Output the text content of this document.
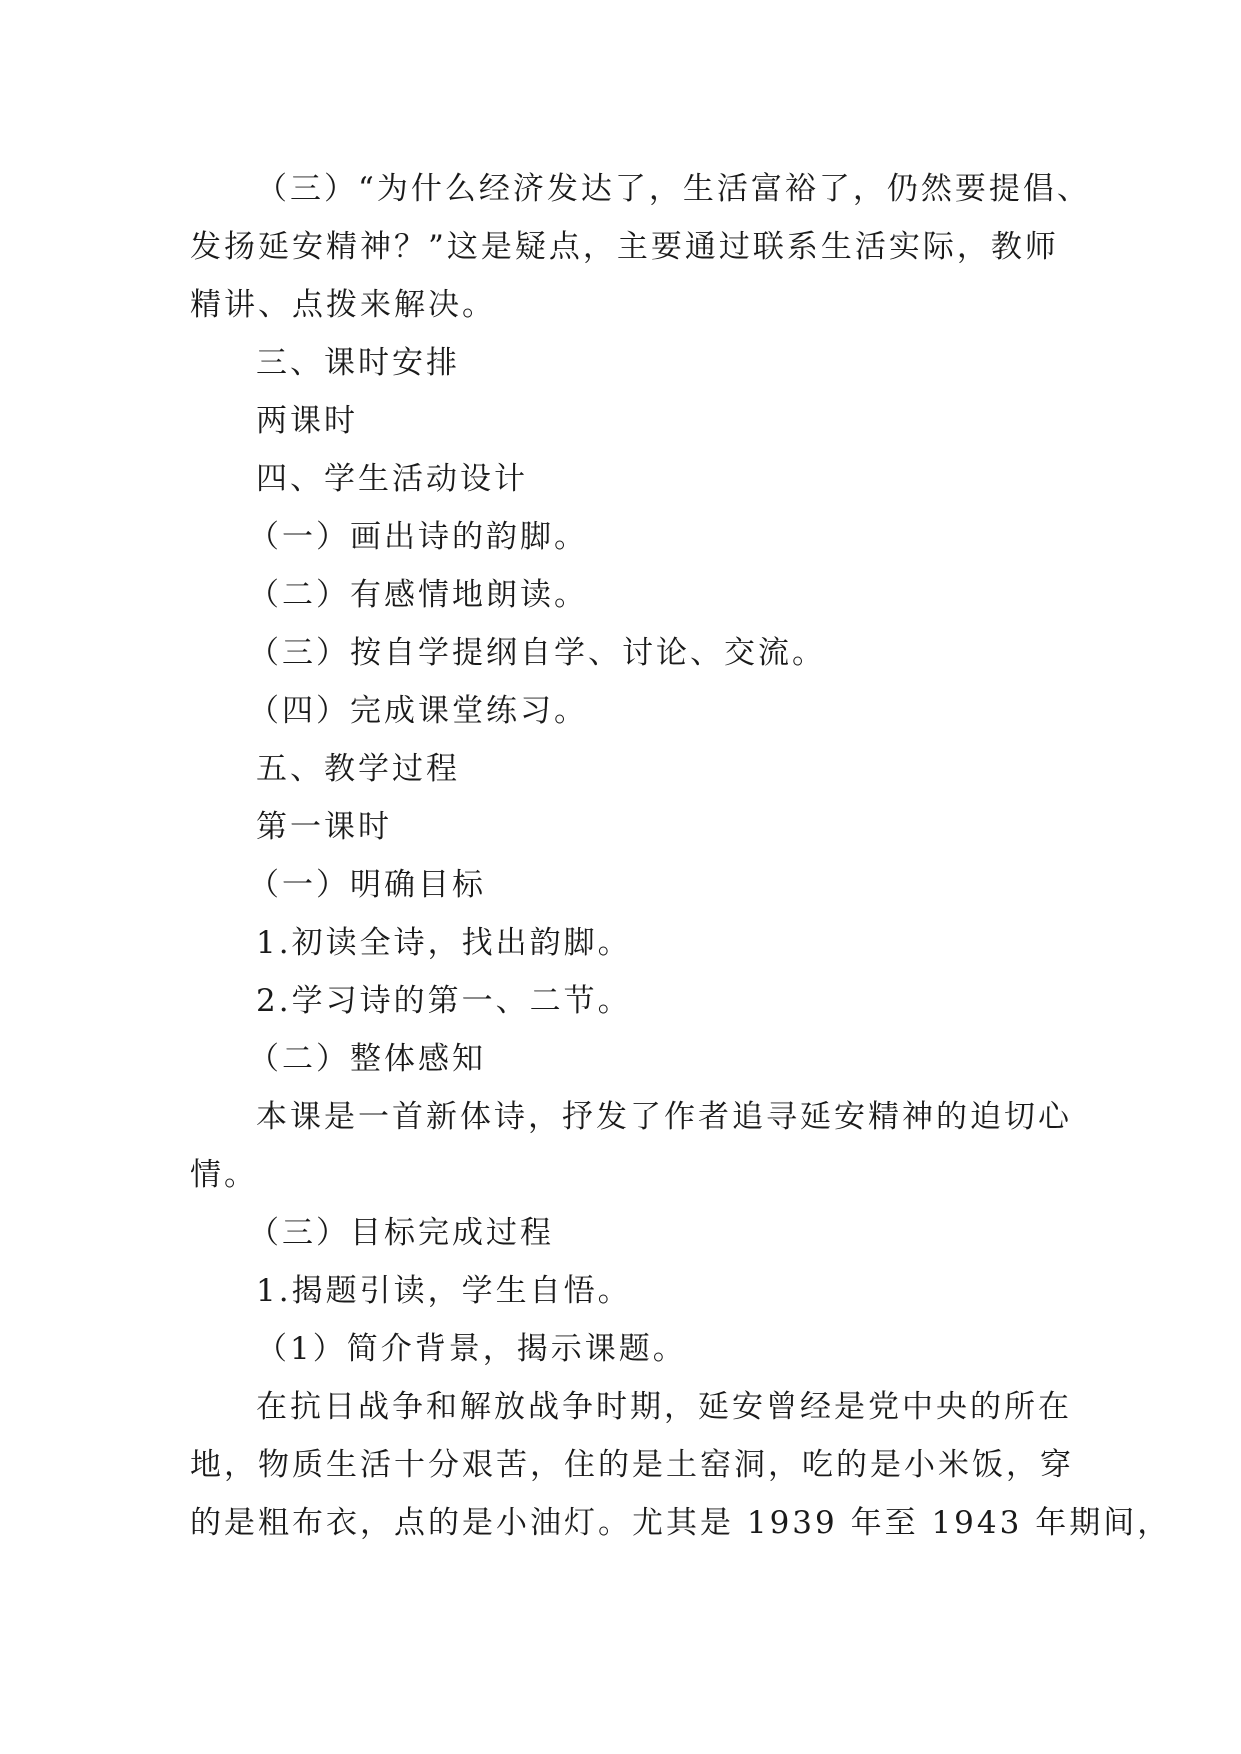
（三）“为什么经济发达了，生活富裕了，仍然要提倡、
发扬延安精神？”这是疑点，主要通过联系生活实际，教师
精讲、点拨来解决。
三、课时安排
两课时
四、学生活动设计
（一）画出诗的韵脚。
（二）有感情地朗读。
（三）按自学提纲自学、讨论、交流。
（四）完成课堂练习。
五、教学过程
第一课时
（一）明确目标
1.初读全诗，找出韵脚。
2.学习诗的第一、二节。
（二）整体感知
本课是一首新体诗，抒发了作者追寻延安精神的迫切心
情。
（三）目标完成过程
1.揭题引读，学生自悟。
（1）简介背景，揭示课题。
在抗日战争和解放战争时期，延安曾经是党中央的所在
地，物质生活十分艰苦，住的是土窑洞，吃的是小米饭，穿
的是粗布衣，点的是小油灯。尤其是 1939 年至 1943 年期间，
